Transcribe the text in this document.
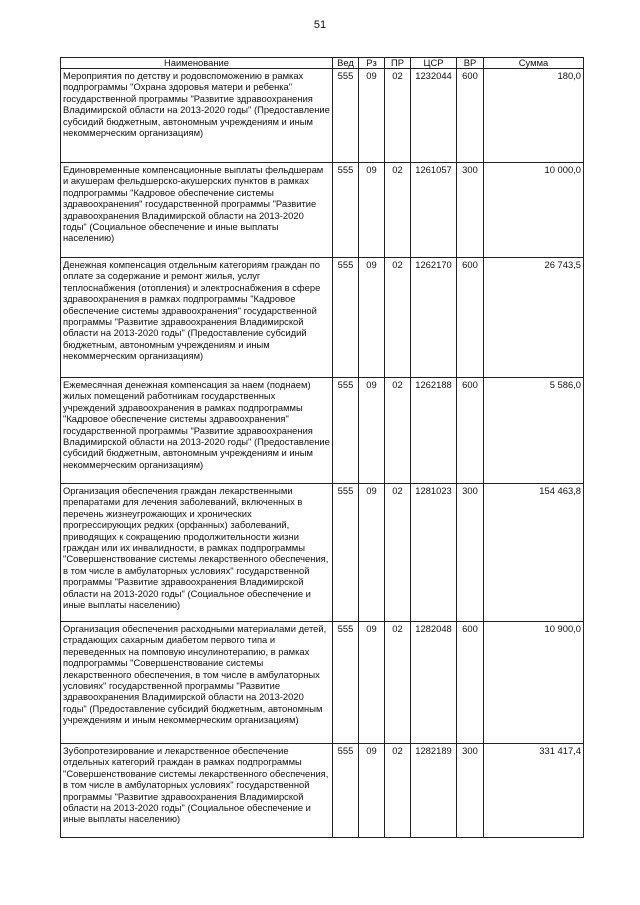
51
Наименование	Вед	Рз	ПР	ЦСР	ВР	Сумма
Мероприятия по детству и родовспоможению в рамках подпрограммы "Охрана здоровья матери и ребенка" государственной программы "Развитие здравоохранения Владимирской области на 2013-2020 годы" (Предоставление субсидий бюджетным, автономным учреждениям и иным некоммерческим организациям)	555	09	02	1232044	600	180,0
Единовременные компенсационные выплаты фельдшерам и акушерам фельдшерско-акушерских пунктов в рамках подпрограммы "Кадровое обеспечение системы здравоохранения" государственной программы "Развитие здравоохранения Владимирской области на 2013-2020 годы" (Социальное обеспечение и иные выплаты населению)	555	09	02	1261057	300	10 000,0
Денежная компенсация отдельным категориям граждан по оплате за содержание и ремонт жилья, услуг теплоснабжения (отопления) и электроснабжения в сфере здравоохранения в рамках подпрограммы "Кадровое обеспечение системы здравоохранения" государственной программы "Развитие здравоохранения Владимирской области на 2013-2020 годы" (Предоставление субсидий бюджетным, автономным учреждениям и иным некоммерческим организациям)	555	09	02	1262170	600	26 743,5
Ежемесячная денежная компенсация за наем (поднаем) жилых помещений работникам государственных учреждений здравоохранения в рамках подпрограммы "Кадровое обеспечение системы здравоохранения" государственной программы "Развитие здравоохранения Владимирской области на 2013-2020 годы" (Предоставление субсидий бюджетным, автономным учреждениям и иным некоммерческим организациям)	555	09	02	1262188	600	5 586,0
Организация обеспечения граждан лекарственными препаратами для лечения заболеваний, включенных в перечень жизнеугрожающих и хронических прогрессирующих редких (орфанных) заболеваний, приводящих к сокращению продолжительности жизни граждан или их инвалидности, в рамках подпрограммы "Совершенствование системы лекарственного обеспечения, в том числе в амбулаторных условиях" государственной программы "Развитие здравоохранения Владимирской области на 2013-2020 годы" (Социальное обеспечение и иные выплаты населению)	555	09	02	1281023	300	154 463,8
Организация обеспечения расходными материалами детей, страдающих сахарным диабетом первого типа и переведенных на помповую инсулинотерапию, в рамках подпрограммы "Совершенствование системы лекарственного обеспечения, в том числе в амбулаторных условиях" государственной программы "Развитие здравоохранения Владимирской области на 2013-2020 годы" (Предоставление субсидий бюджетным, автономным учреждениям и иным некоммерческим организациям)	555	09	02	1282048	600	10 900,0
Зубопротезирование и лекарственное обеспечение отдельных категорий граждан в рамках подпрограммы "Совершенствование системы лекарственного обеспечения, в том числе в амбулаторных условиях" государственной программы "Развитие здравоохранения Владимирской области на 2013-2020 годы" (Социальное обеспечение и иные выплаты населению)	555	09	02	1282189	300	331 417,4
